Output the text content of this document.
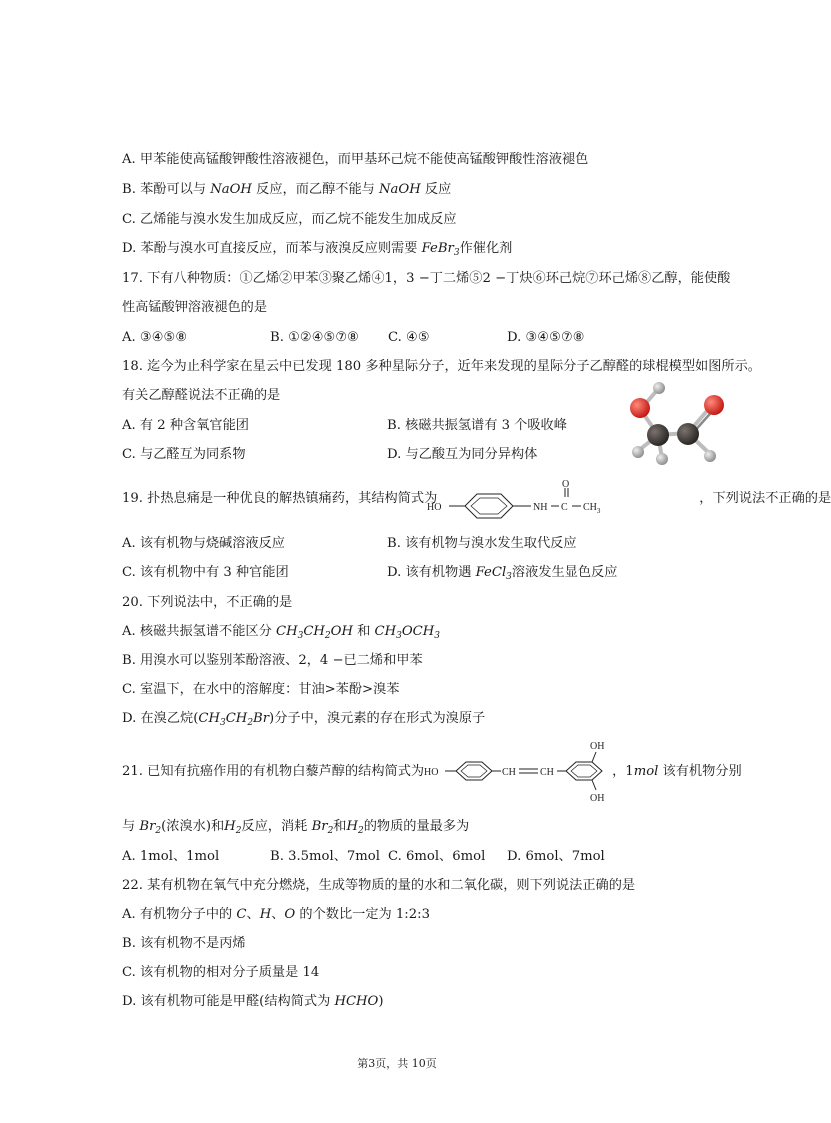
A. 甲苯能使高锰酸钾酸性溶液褪色，而甲基环己烷不能使高锰酸钾酸性溶液褪色
B. 苯酚可以与 NaOH 反应，而乙醇不能与 NaOH 反应
C. 乙烯能与溴水发生加成反应，而乙烷不能发生加成反应
D. 苯酚与溴水可直接反应，而苯与液溴反应则需要 FeBr$_3$作催化剂
17. 下有八种物质：①乙烯②甲苯③聚乙烯④1，3 −丁二烯⑤2 −丁炔⑥环己烷⑦环己烯⑧乙醇，能使酸
性高锰酸钾溶液褪色的是
A. ③④⑤⑧	B. ①②④⑤⑦⑧ C. ④⑤	D. ③④⑤⑦⑧
18. 迄今为止科学家在星云中已发现 180 多种星际分子，近年来发现的星际分子乙醇醛的球棍模型如图所示。
有关乙醇醛说法不正确的是
A. 有 2 种含氧官能团	B. 核磁共振氢谱有 3 个吸收峰
C. 与乙醛互为同系物	D. 与乙酸互为同分异构体
19. 扑热息痛是一种优良的解热镇痛药，其结构简式为	，下列说法不正确的是
HO	NH C
O
$CH_3$
A. 该有机物与烧碱溶液反应	B. 该有机物与溴水发生取代反应
C. 该有机物中有 3 种官能团	D. 该有机物遇 FeCl$_3$溶液发生显色反应
20. 下列说法中，不正确的是
A. 核磁共振氢谱不能区分 $CH_3CH_2OH$ 和 $CH_3OCH_3$
B. 用溴水可以鉴别苯酚溶液、2，4 −已二烯和甲苯
C. 室温下，在水中的溶解度：甘油>苯酚>溴苯
D. 在溴乙烷$(CH_3CH_2Br)$分子中，溴元素的存在形式为溴原子
21. 已知有抗癌作用的有机物白藜芦醇的结构简式为	，1mol 该有机物分别
HO	CH CH
OH
OH
与 $Br_2$(浓溴水)和$H_2$反应，消耗 $Br_2$和$H_2$的物质的量最多为
A. 1mol、1mol	B. 3.5mol、7mol C. 6mol、6mol D. 6mol、7mol
22. 某有机物在氧气中充分燃烧，生成等物质的量的水和二氧化碳，则下列说法正确的是
A. 有机物分子中的 C、H、O 的个数比一定为 1:2:3
B. 该有机物不是丙烯
C. 该有机物的相对分子质量是 14
D. 该有机物可能是甲醛(结构简式为 HCHO)
第3页，共 10页
